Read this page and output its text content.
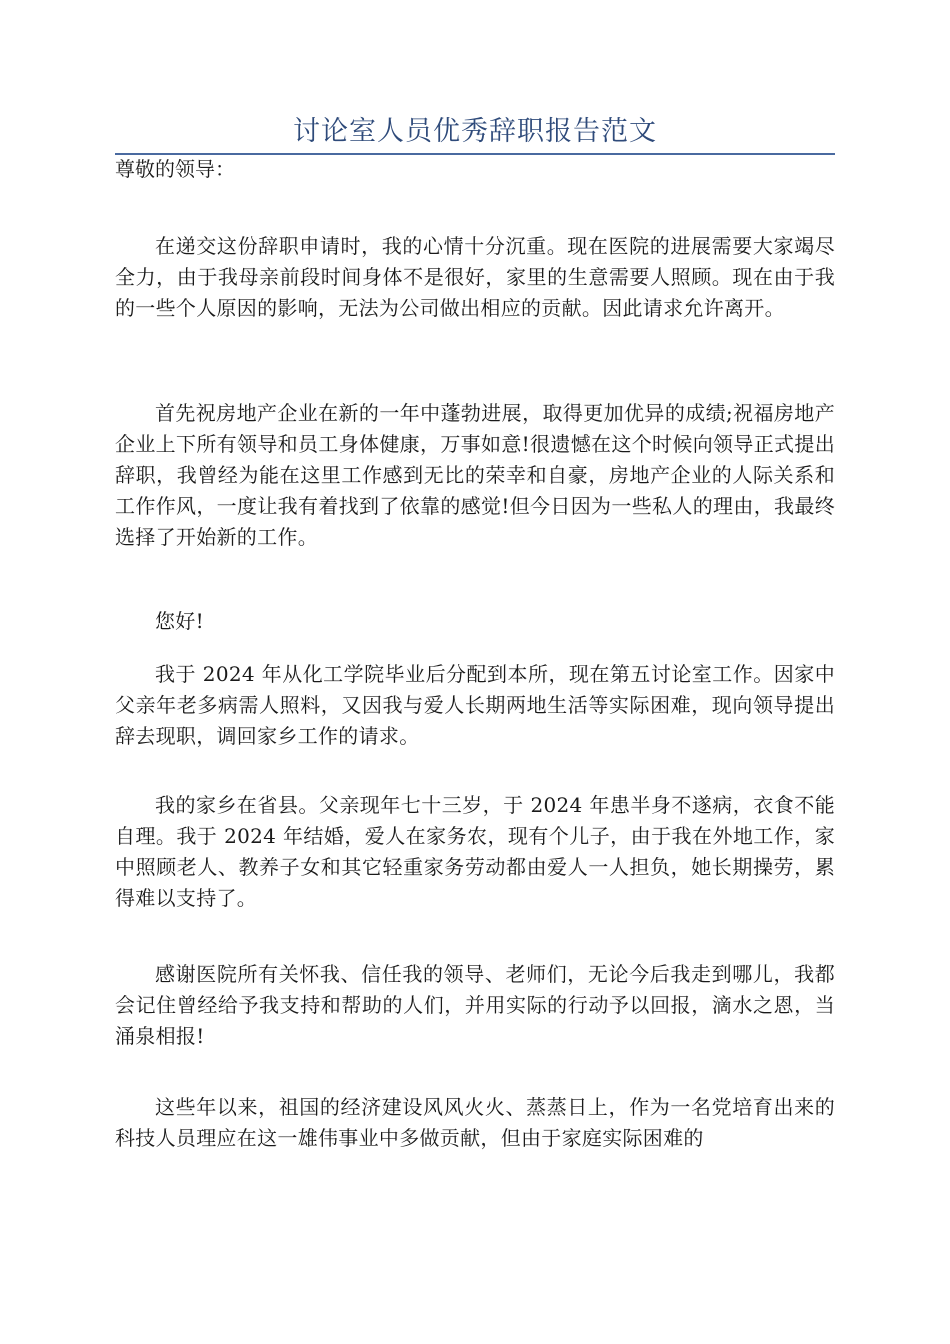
讨论室人员优秀辞职报告范文

尊敬的领导：

在递交这份辞职申请时，我的心情十分沉重。现在医院的进展需要大家竭尽全力，由于我母亲前段时间身体不是很好，家里的生意需要人照顾。现在由于我的一些个人原因的影响，无法为公司做出相应的贡献。因此请求允许离开。

首先祝房地产企业在新的一年中蓬勃进展，取得更加优异的成绩;祝福房地产企业上下所有领导和员工身体健康，万事如意!很遗憾在这个时候向领导正式提出辞职，我曾经为能在这里工作感到无比的荣幸和自豪，房地产企业的人际关系和工作作风，一度让我有着找到了依靠的感觉!但今日因为一些私人的理由，我最终选择了开始新的工作。

您好!

我于 2024 年从化工学院毕业后分配到本所，现在第五讨论室工作。因家中父亲年老多病需人照料，又因我与爱人长期两地生活等实际困难，现向领导提出辞去现职，调回家乡工作的请求。

我的家乡在省县。父亲现年七十三岁，于 2024 年患半身不遂病，衣食不能自理。我于 2024 年结婚，爱人在家务农，现有个儿子，由于我在外地工作，家中照顾老人、教养子女和其它轻重家务劳动都由爱人一人担负，她长期操劳，累得难以支持了。

感谢医院所有关怀我、信任我的领导、老师们，无论今后我走到哪儿，我都会记住曾经给予我支持和帮助的人们，并用实际的行动予以回报，滴水之恩，当涌泉相报!

这些年以来，祖国的经济建设风风火火、蒸蒸日上，作为一名党培育出来的科技人员理应在这一雄伟事业中多做贡献，但由于家庭实际困难的
